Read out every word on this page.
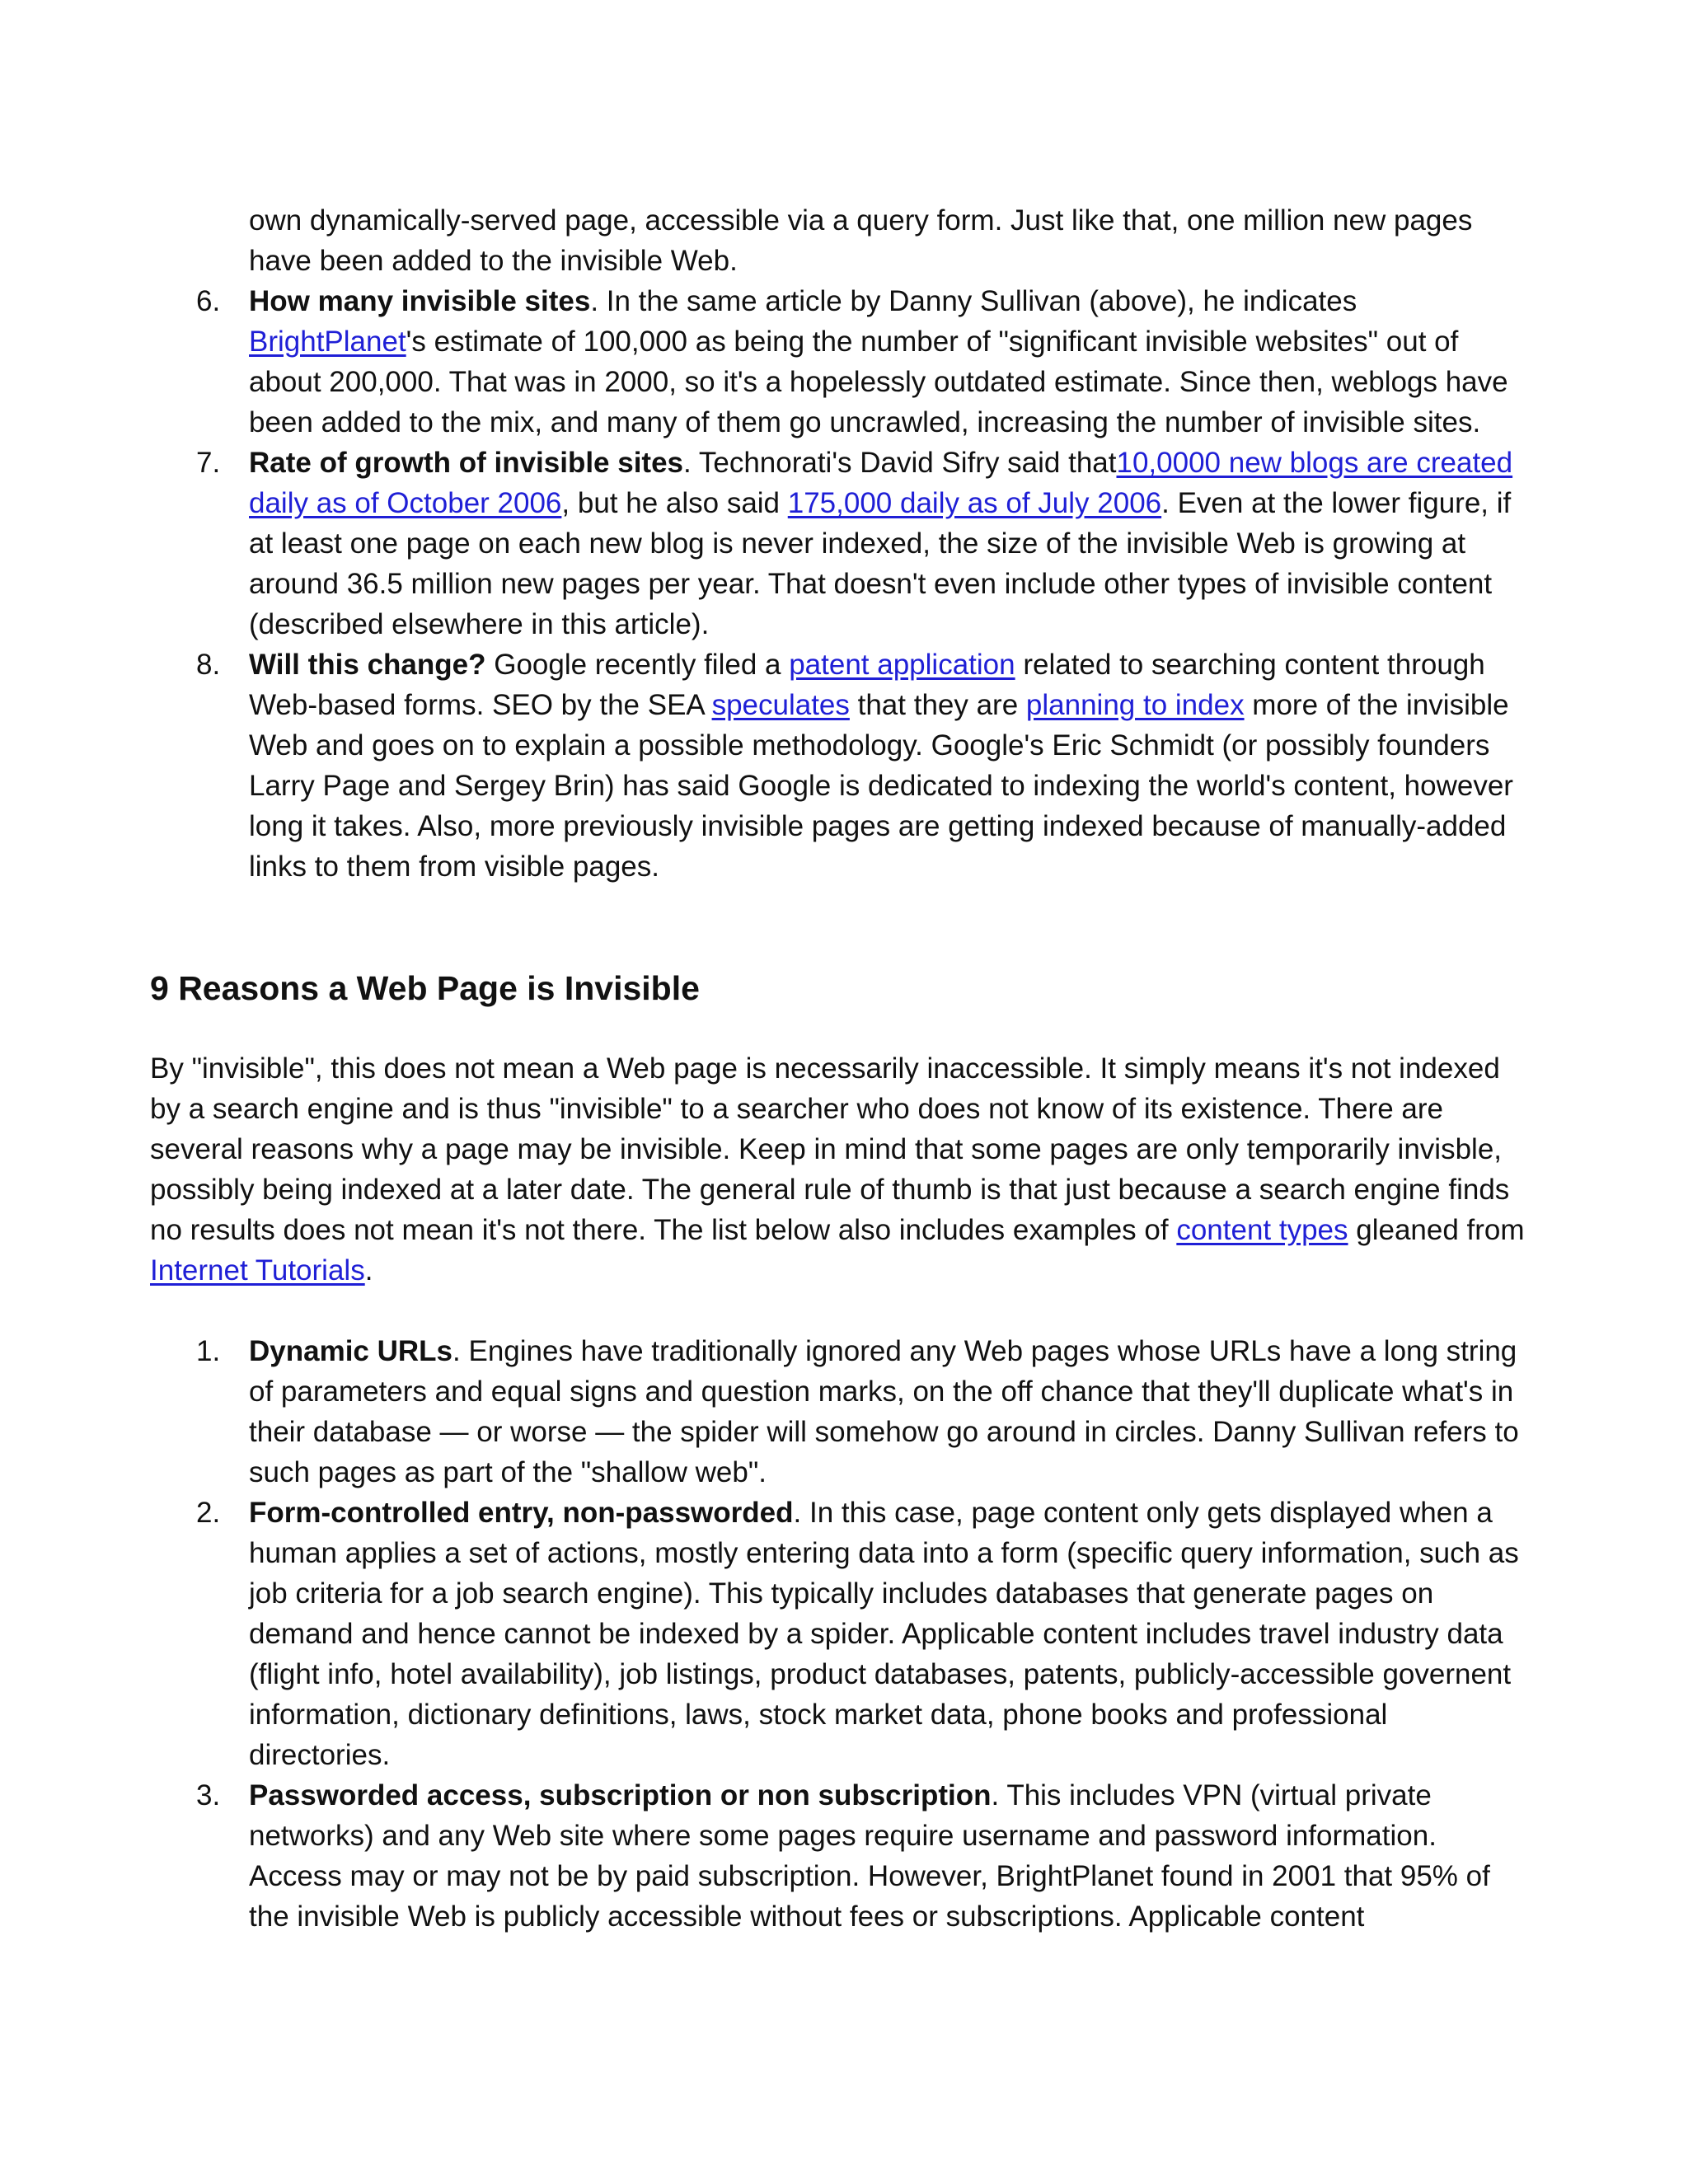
own dynamically-served page, accessible via a query form. Just like that, one million new pages have been added to the invisible Web.

6. How many invisible sites. In the same article by Danny Sullivan (above), he indicates BrightPlanet's estimate of 100,000 as being the number of "significant invisible websites" out of about 200,000. That was in 2000, so it's a hopelessly outdated estimate. Since then, weblogs have been added to the mix, and many of them go uncrawled, increasing the number of invisible sites.

7. Rate of growth of invisible sites. Technorati's David Sifry said that10,0000 new blogs are created daily as of October 2006, but he also said 175,000 daily as of July 2006. Even at the lower figure, if at least one page on each new blog is never indexed, the size of the invisible Web is growing at around 36.5 million new pages per year. That doesn't even include other types of invisible content (described elsewhere in this article).

8. Will this change? Google recently filed a patent application related to searching content through Web-based forms. SEO by the SEA speculates that they are planning to index more of the invisible Web and goes on to explain a possible methodology. Google's Eric Schmidt (or possibly founders Larry Page and Sergey Brin) has said Google is dedicated to indexing the world's content, however long it takes. Also, more previously invisible pages are getting indexed because of manually-added links to them from visible pages.

9 Reasons a Web Page is Invisible

By "invisible", this does not mean a Web page is necessarily inaccessible. It simply means it's not indexed by a search engine and is thus "invisible" to a searcher who does not know of its existence. There are several reasons why a page may be invisible. Keep in mind that some pages are only temporarily invisble, possibly being indexed at a later date. The general rule of thumb is that just because a search engine finds no results does not mean it's not there. The list below also includes examples of content types gleaned from Internet Tutorials.

1. Dynamic URLs. Engines have traditionally ignored any Web pages whose URLs have a long string of parameters and equal signs and question marks, on the off chance that they'll duplicate what's in their database — or worse — the spider will somehow go around in circles. Danny Sullivan refers to such pages as part of the "shallow web".

2. Form-controlled entry, non-passworded. In this case, page content only gets displayed when a human applies a set of actions, mostly entering data into a form (specific query information, such as job criteria for a job search engine). This typically includes databases that generate pages on demand and hence cannot be indexed by a spider. Applicable content includes travel industry data (flight info, hotel availability), job listings, product databases, patents, publicly-accessible governent information, dictionary definitions, laws, stock market data, phone books and professional directories.

3. Passworded access, subscription or non subscription. This includes VPN (virtual private networks) and any Web site where some pages require username and password information. Access may or may not be by paid subscription. However, BrightPlanet found in 2001 that 95% of the invisible Web is publicly accessible without fees or subscriptions. Applicable content
